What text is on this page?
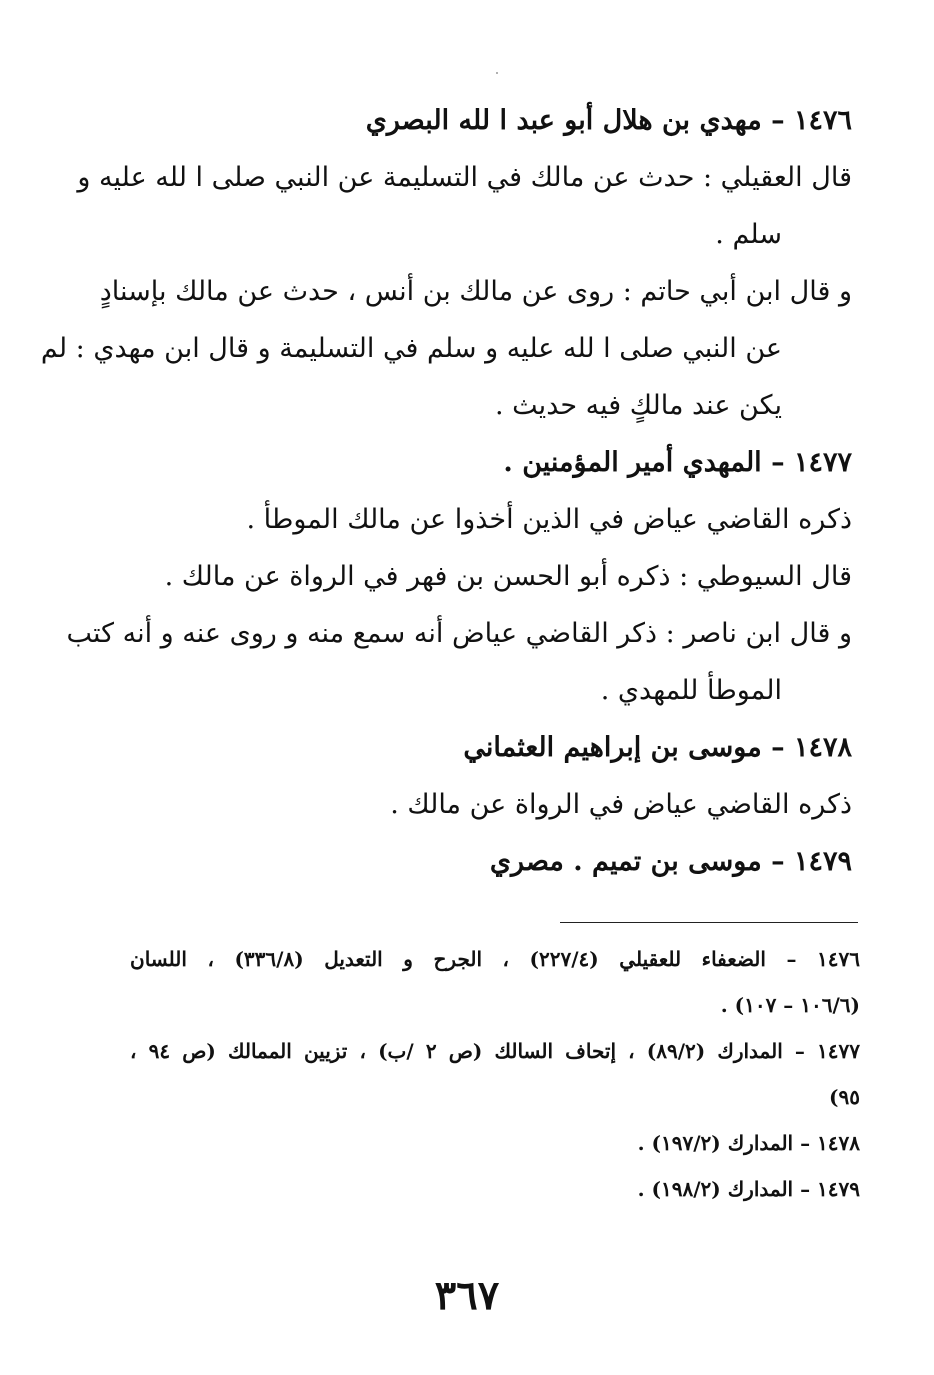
١٤٧٦ – مهدي بن هلال أبو عبد ا لله البصري

قال العقيلي : حدث عن مالك في التسليمة عن النبي صلى ا لله عليه و

سلم .

و قال ابن أبي حاتم : روى عن مالك بن أنس ، حدث عن مالك بإسنادٍ

عن النبي صلى ا لله عليه و سلم في التسليمة و قال ابن مهدي : لم

يكن عند مالكٍ فيه حديث .

١٤٧٧ – المهدي أمير المؤمنين .

ذكره القاضي عياض في الذين أخذوا عن مالك الموطأ .

قال السيوطي : ذكره أبو الحسن بن فهر في الرواة عن مالك .

و قال ابن ناصر : ذكر القاضي عياض أنه سمع منه و روى عنه و أنه كتب

الموطأ للمهدي .

١٤٧٨ – موسى بن إبراهيم العثماني

ذكره القاضي عياض في الرواة عن مالك .

١٤٧٩ – موسى بن تميم . مصري

١٤٧٦ – الضعفاء للعقيلي (٢٢٧/٤) ، الجرح و التعديل (٣٣٦/٨) ، اللسان

(١٠٦/٦ – ١٠٧) .

١٤٧٧ – المدارك (٨٩/٢) ، إتحاف السالك (ص ٢ /ب) ، تزيين الممالك (ص ٩٤ ،

٩٥)

١٤٧٨ – المدارك (١٩٧/٢) .

١٤٧٩ – المدارك (١٩٨/٢) .

٣٦٧
